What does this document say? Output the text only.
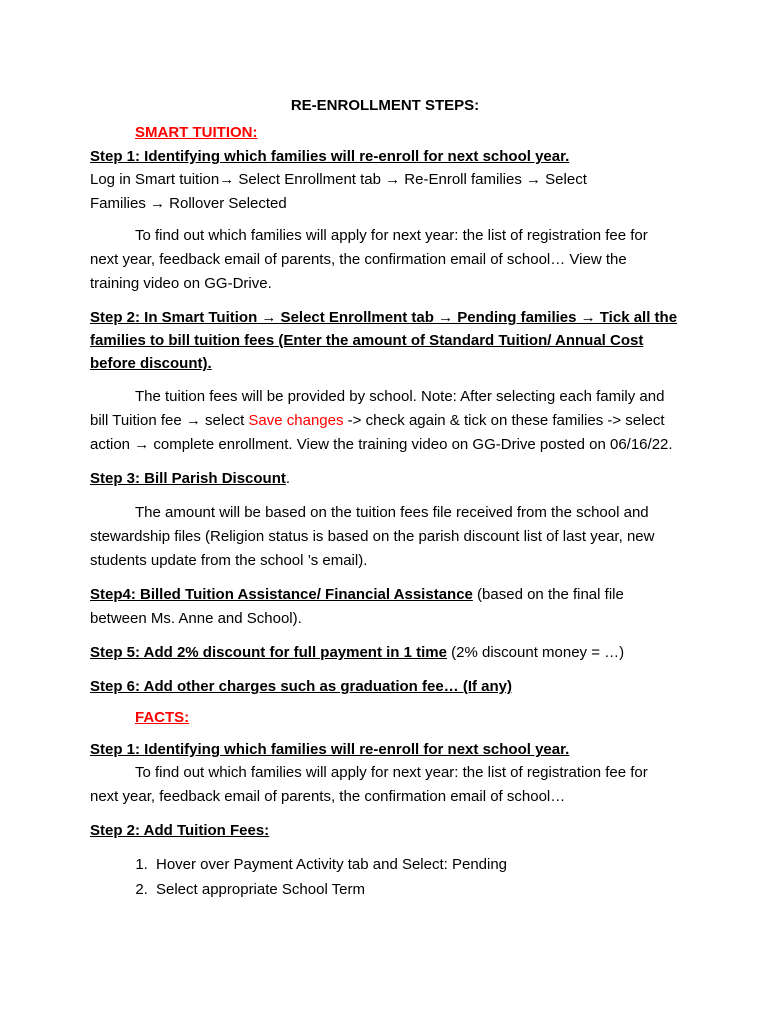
RE-ENROLLMENT STEPS:
SMART TUITION:
Step 1: Identifying which families will re-enroll for next school year.

Log in Smart tuition→ Select Enrollment tab → Re-Enroll families → Select

Families → Rollover Selected

To find out which families will apply for next year: the list of registration fee for next year, feedback email of parents, the confirmation email of school… View the training video on GG-Drive.

Step 2: In Smart Tuition → Select Enrollment tab → Pending families → Tick all the families to bill tuition fees (Enter the amount of Standard Tuition/ Annual Cost before discount).

The tuition fees will be provided by school. Note: After selecting each family and bill Tuition fee → select Save changes -> check again & tick on these families -> select action → complete enrollment. View the training video on GG-Drive posted on 06/16/22.

Step 3: Bill Parish Discount.

The amount will be based on the tuition fees file received from the school and stewardship files (Religion status is based on the parish discount list of last year, new students update from the school ’s email).

Step4: Billed Tuition Assistance/ Financial Assistance (based on the final file between Ms. Anne and School).

Step 5: Add 2% discount for full payment in 1 time (2% discount money = …)

Step 6: Add other charges such as graduation fee… (If any)

FACTS:

Step 1: Identifying which families will re-enroll for next school year.

To find out which families will apply for next year: the list of registration fee for next year, feedback email of parents, the confirmation email of school…

Step 2: Add Tuition Fees:

1. Hover over Payment Activity tab and Select: Pending
2. Select appropriate School Term
